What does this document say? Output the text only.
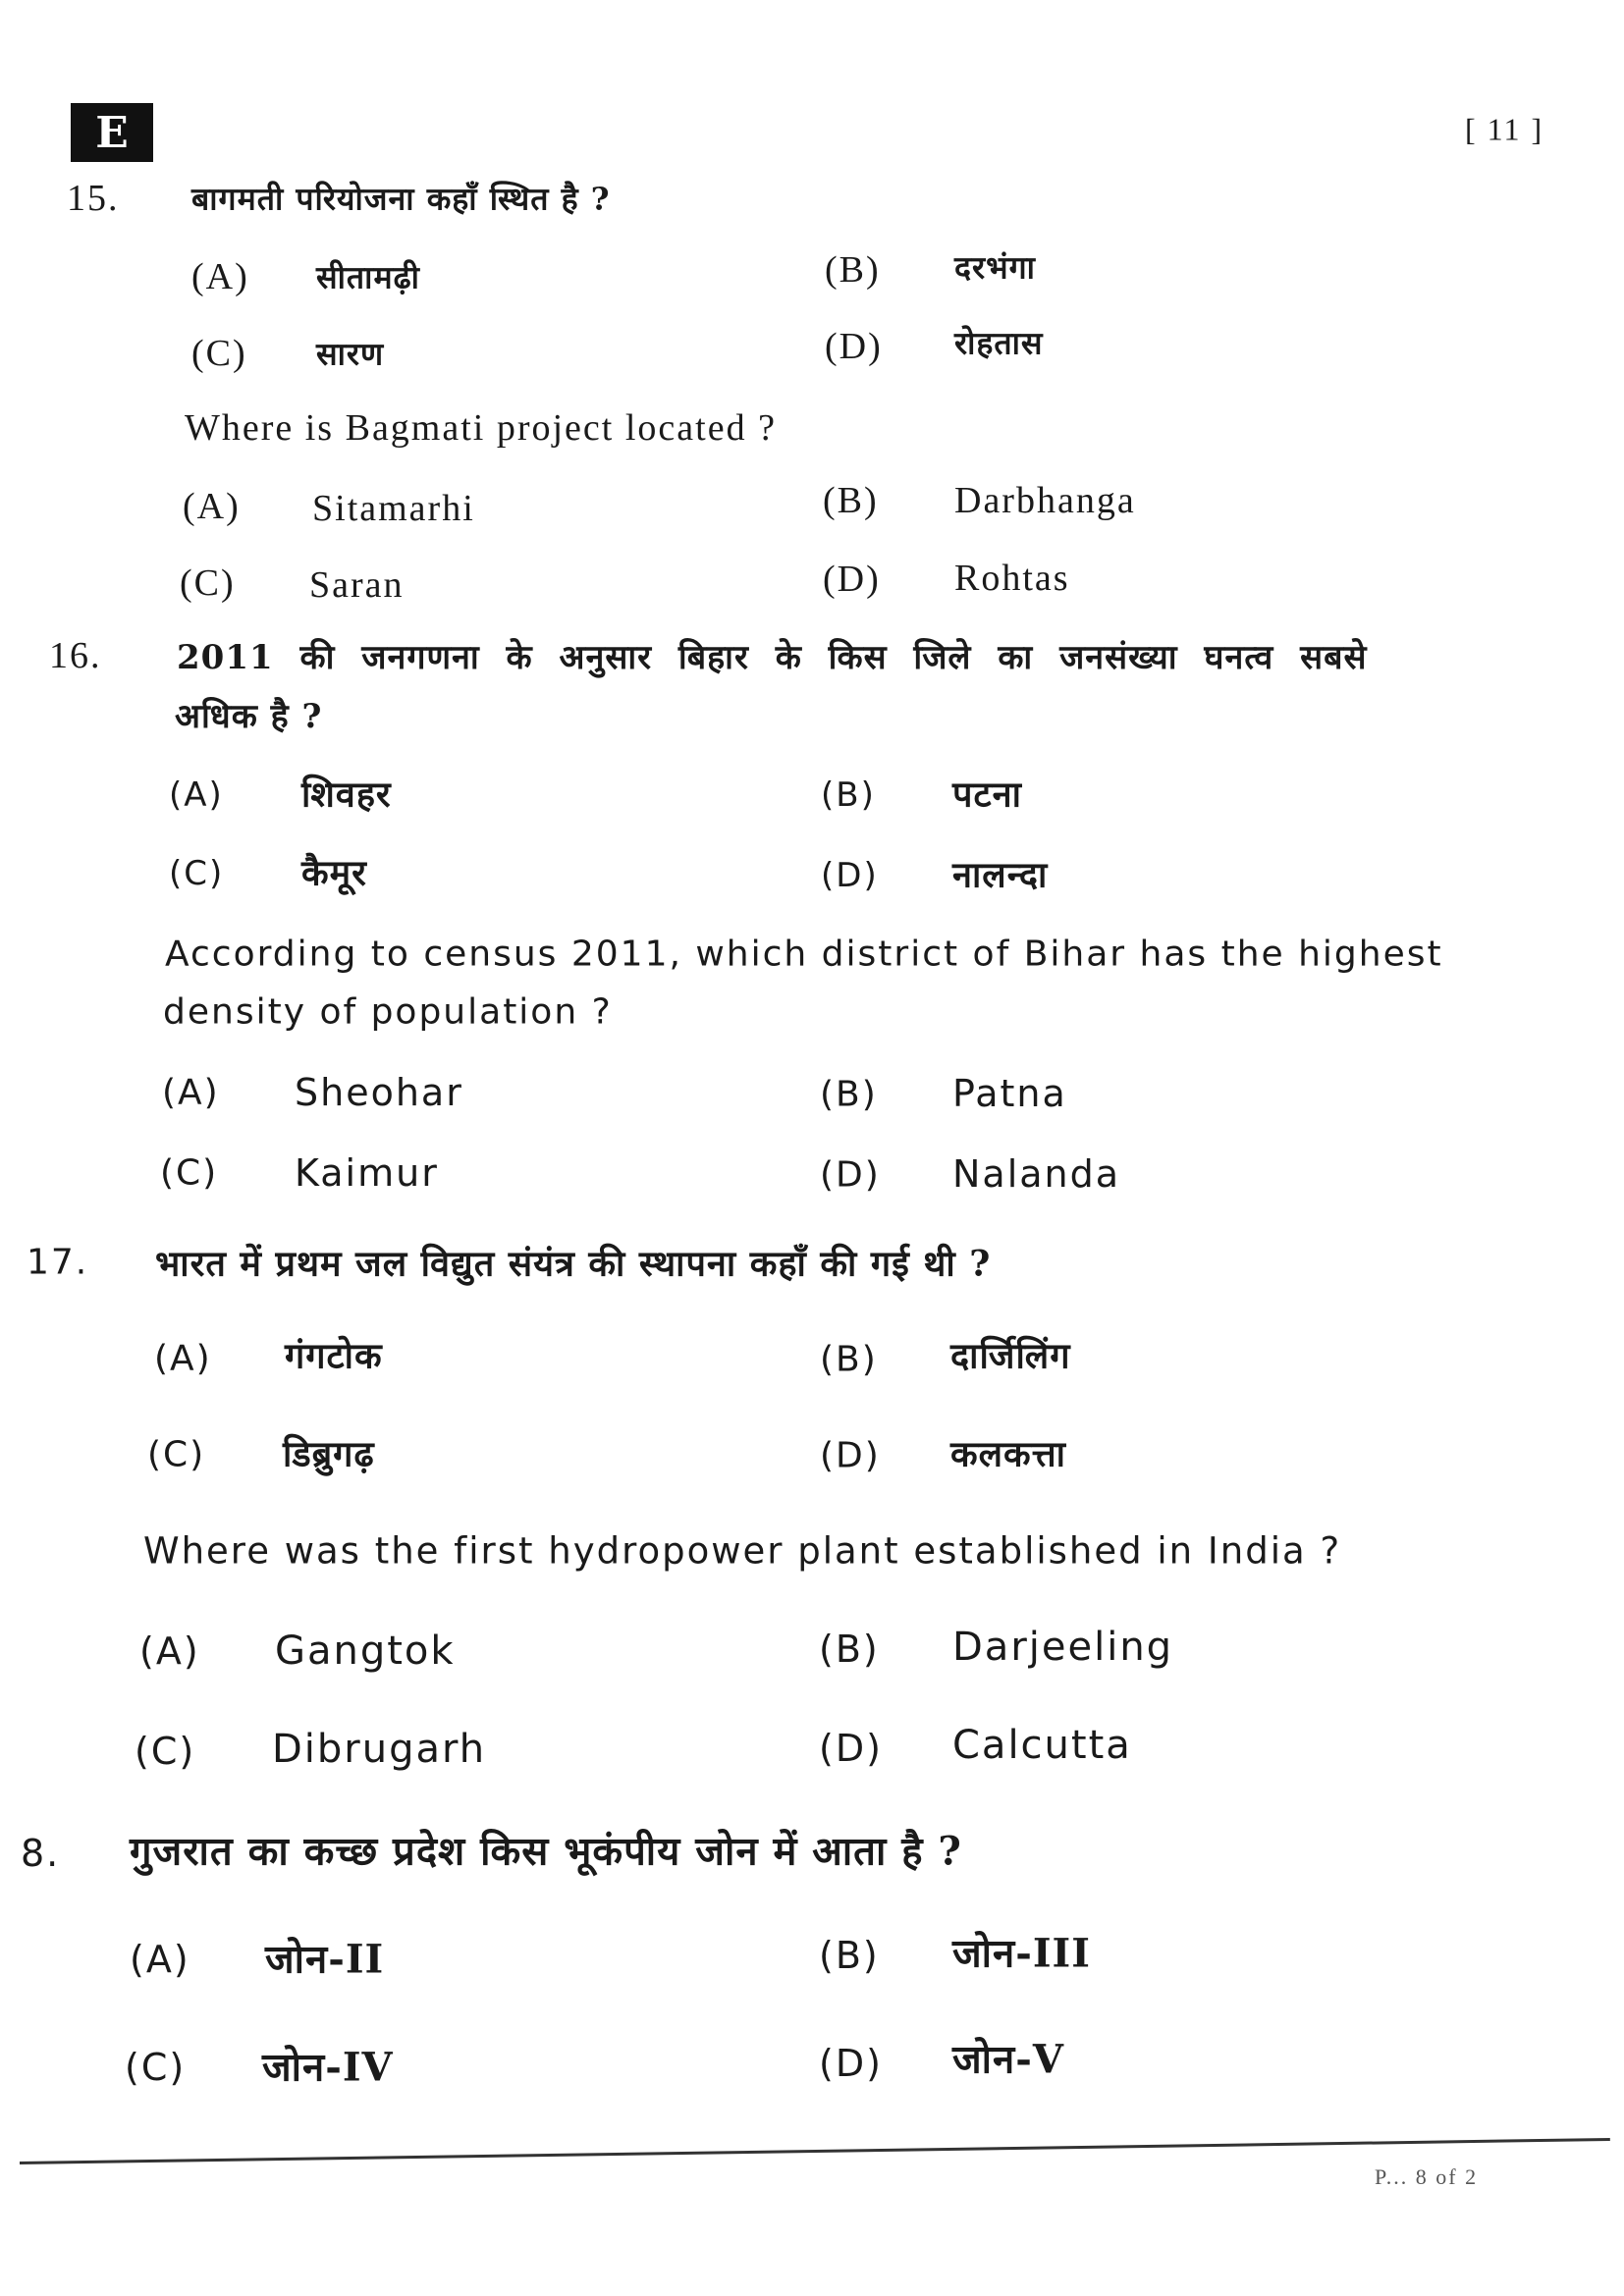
E	[ 11 ]
15. बागमती परियोजना कहाँ स्थित है ?
(A) सीतामढ़ी	(B) दरभंगा
(C) सारण	(D) रोहतास
Where is Bagmati project located ?
(A) Sitamarhi	(B) Darbhanga
(C) Saran	(D) Rohtas
16. 2011 की जनगणना के अनुसार बिहार के किस जिले का जनसंख्या घनत्व सबसे
अधिक है ?
(A) शिवहर	(B) पटना
(C) कैमूर	(D) नालन्दा
According to census 2011, which district of Bihar has the highest
density of population ?
(A) Sheohar	(B) Patna
(C) Kaimur	(D) Nalanda
17. भारत में प्रथम जल विद्युत संयंत्र की स्थापना कहाँ की गई थी ?
(A) गंगटोक	(B) दार्जिलिंग
(C) डिब्रुगढ़	(D) कलकत्ता
Where was the first hydropower plant established in India ?
(A) Gangtok	(B) Darjeeling
(C) Dibrugarh	(D) Calcutta
8. गुजरात का कच्छ प्रदेश किस भूकंपीय जोन में आता है ?
(A) जोन-II	(B) जोन-III
(C) जोन-IV	(D) जोन-V
P... 8 of 2
